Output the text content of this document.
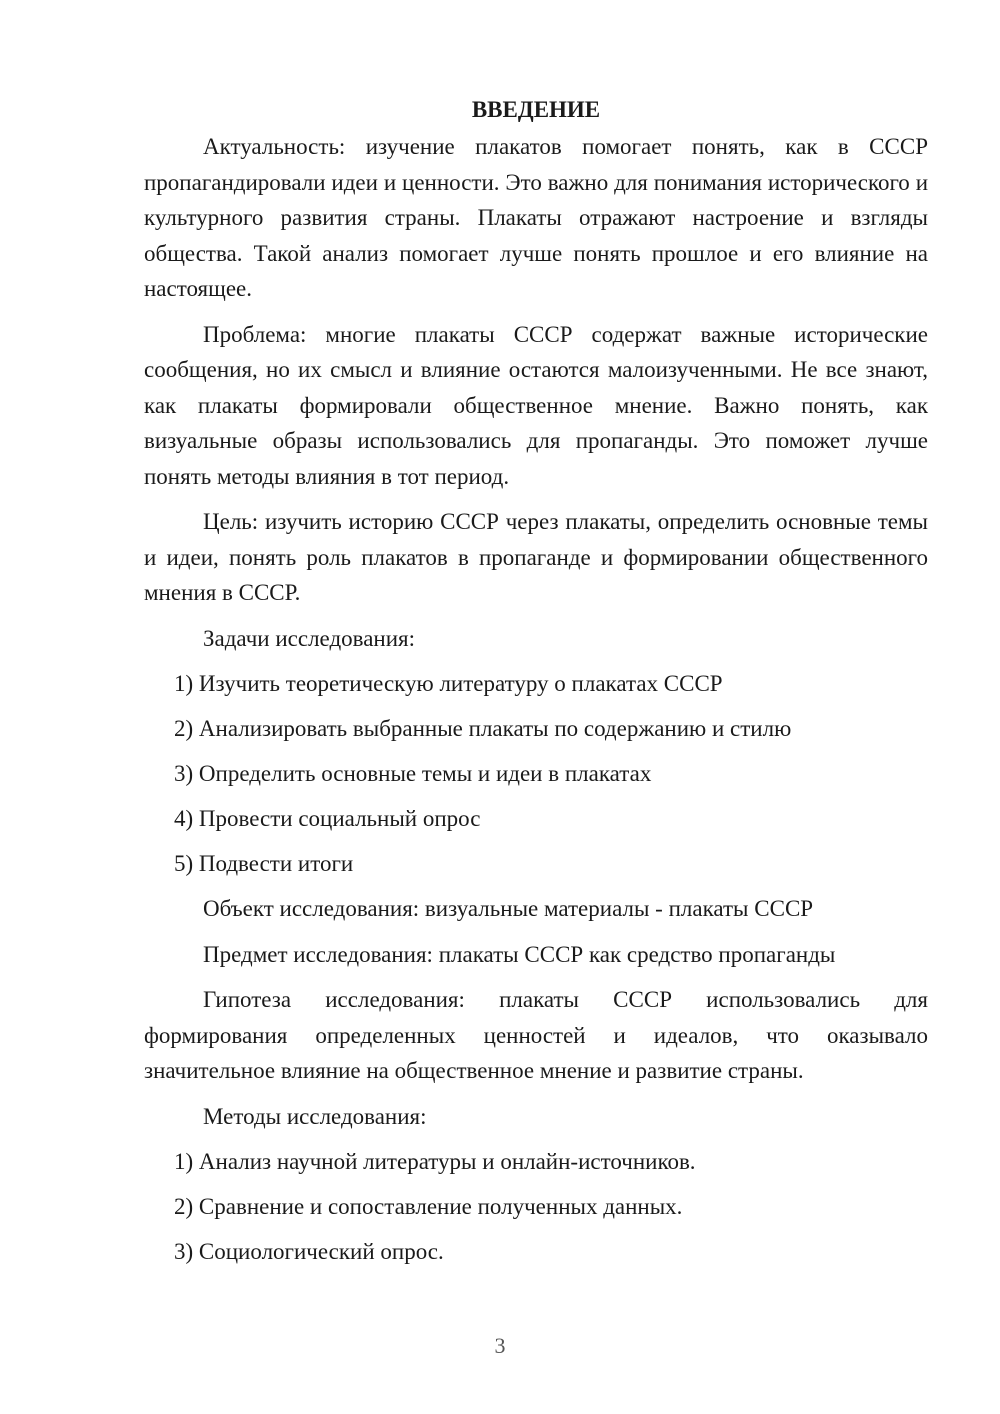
ВВЕДЕНИЕ

Актуальность: изучение плакатов помогает понять, как в СССР пропагандировали идеи и ценности. Это важно для понимания исторического и культурного развития страны. Плакаты отражают настроение и взгляды общества. Такой анализ помогает лучше понять прошлое и его влияние на настоящее.

Проблема: многие плакаты СССР содержат важные исторические сообщения, но их смысл и влияние остаются малоизученными. Не все знают, как плакаты формировали общественное мнение. Важно понять, как визуальные образы использовались для пропаганды. Это поможет лучше понять методы влияния в тот период.

Цель: изучить историю СССР через плакаты, определить основные темы и идеи, понять роль плакатов в пропаганде и формировании общественного мнения в СССР.

Задачи исследования:

1) Изучить теоретическую литературу о плакатах СССР

2) Анализировать выбранные плакаты по содержанию и стилю

3) Определить основные темы и идеи в плакатах

4) Провести социальный опрос

5) Подвести итоги

Объект исследования: визуальные материалы - плакаты СССР

Предмет исследования: плакаты СССР как средство пропаганды

Гипотеза исследования: плакаты СССР использовались для формирования определенных ценностей и идеалов, что оказывало значительное влияние на общественное мнение и развитие страны.

Методы исследования:

1) Анализ научной литературы и онлайн-источников.

2) Сравнение и сопоставление полученных данных.

3) Социологический опрос.

3
